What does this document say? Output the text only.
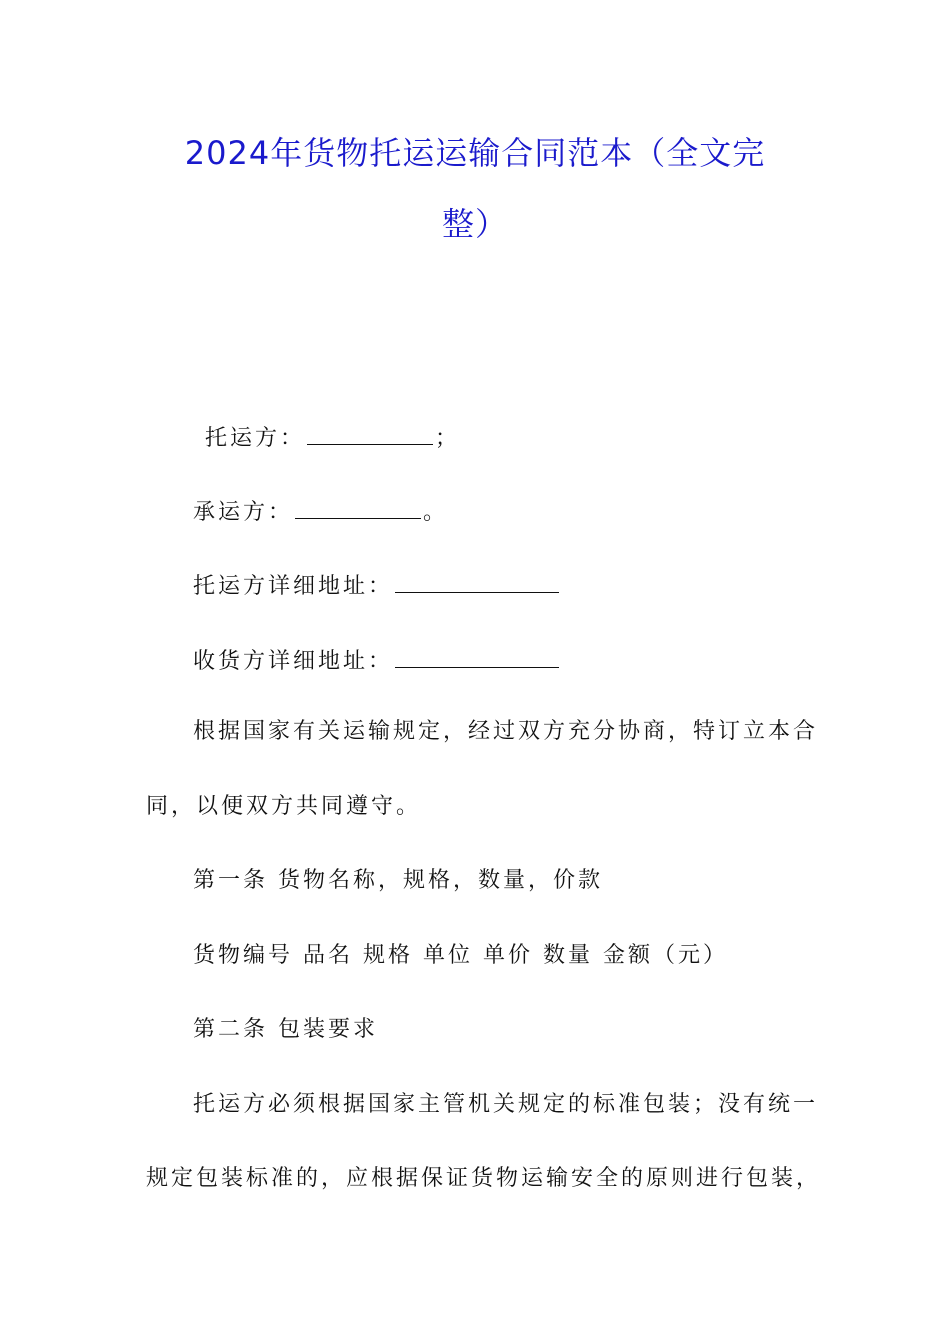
2024年货物托运运输合同范本（全文完
整）
托运方：	；
承运方：	。
托运方详细地址：
收货方详细地址：
根据国家有关运输规定，经过双方充分协商，特订立本合
同，以便双方共同遵守。
第一条 货物名称，规格，数量，价款
货物编号 品名 规格 单位 单价 数量 金额（元）
第二条 包装要求
托运方必须根据国家主管机关规定的标准包装；没有统一
规定包装标准的，应根据保证货物运输安全的原则进行包装，
